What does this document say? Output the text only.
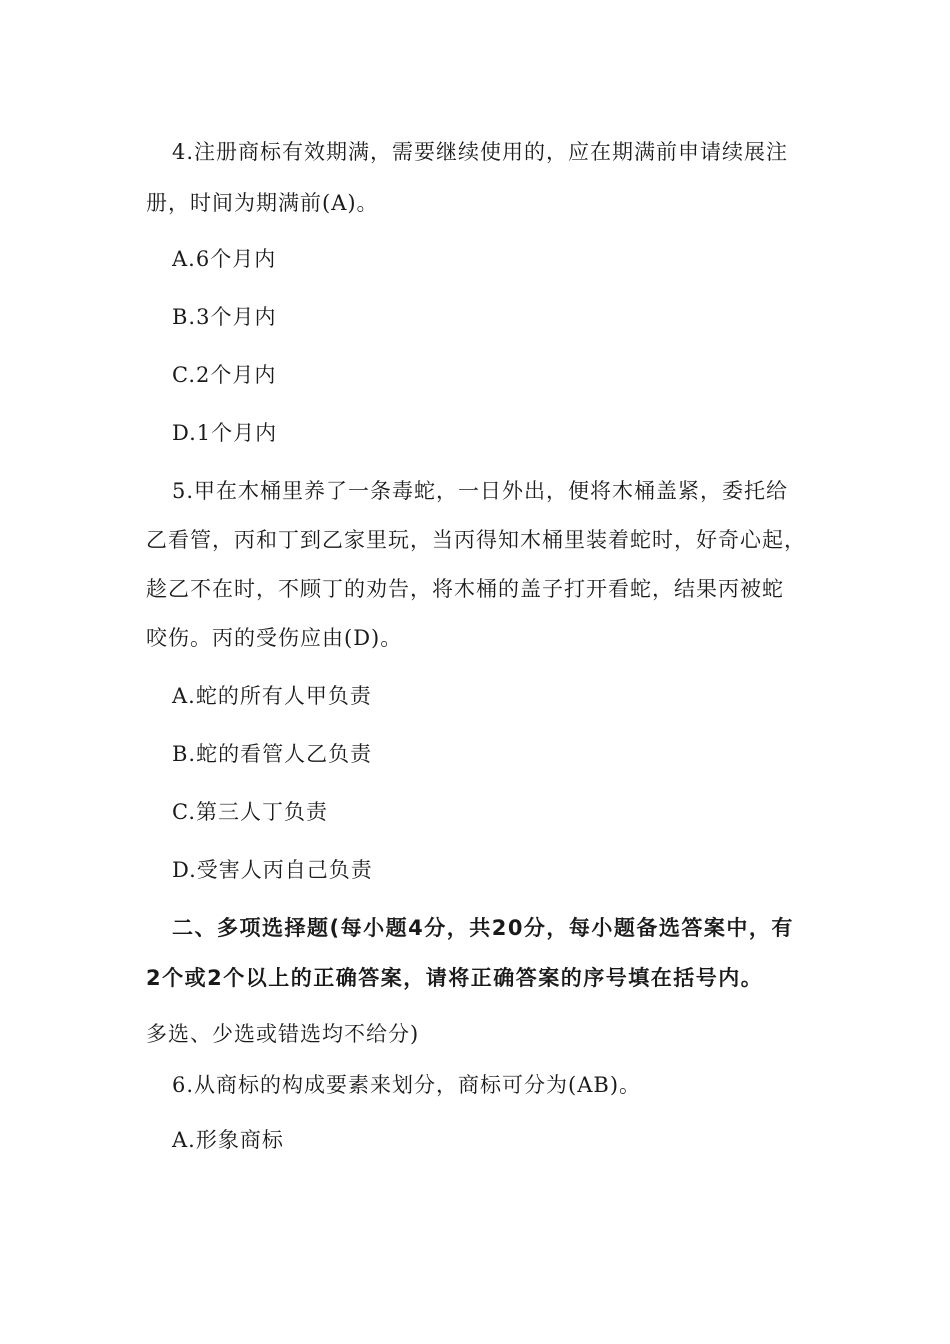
4.注册商标有效期满，需要继续使用的，应在期满前申请续展注
册，时间为期满前(A)。
A.6个月内
B.3个月内
C.2个月内
D.1个月内
5.甲在木桶里养了一条毒蛇，一日外出，便将木桶盖紧，委托给
乙看管，丙和丁到乙家里玩，当丙得知木桶里装着蛇时，好奇心起，
趁乙不在时，不顾丁的劝告，将木桶的盖子打开看蛇，结果丙被蛇
咬伤。丙的受伤应由(D)。
A.蛇的所有人甲负责
B.蛇的看管人乙负责
C.第三人丁负责
D.受害人丙自己负责
二、多项选择题(每小题4分，共20分，每小题备选答案中，有
2个或2个以上的正确答案，请将正确答案的序号填在括号内。
多选、少选或错选均不给分)
6.从商标的构成要素来划分，商标可分为(AB)。
A.形象商标
